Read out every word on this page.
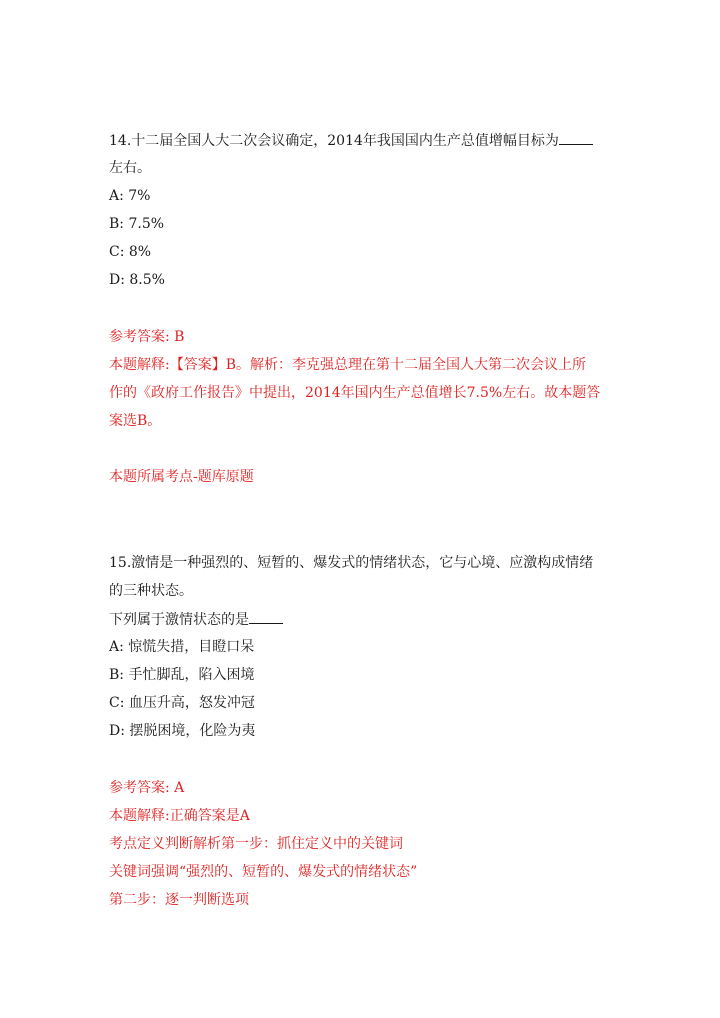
14.十二届全国人大二次会议确定，2014年我国国内生产总值增幅目标为
左右。
A: 7%
B: 7.5%
C: 8%
D: 8.5%
参考答案: B
本题解释:【答案】B。解析：李克强总理在第十二届全国人大第二次会议上所
作的《政府工作报告》中提出，2014年国内生产总值增长7.5%左右。故本题答
案选B。
本题所属考点-题库原题
15.激情是一种强烈的、短暂的、爆发式的情绪状态，它与心境、应激构成情绪
的三种状态。
下列属于激情状态的是
A: 惊慌失措，目瞪口呆
B: 手忙脚乱，陷入困境
C: 血压升高，怒发冲冠
D: 摆脱困境，化险为夷
参考答案: A
本题解释:正确答案是A
考点定义判断解析第一步：抓住定义中的关键词
关键词强调“强烈的、短暂的、爆发式的情绪状态”
第二步：逐一判断选项
